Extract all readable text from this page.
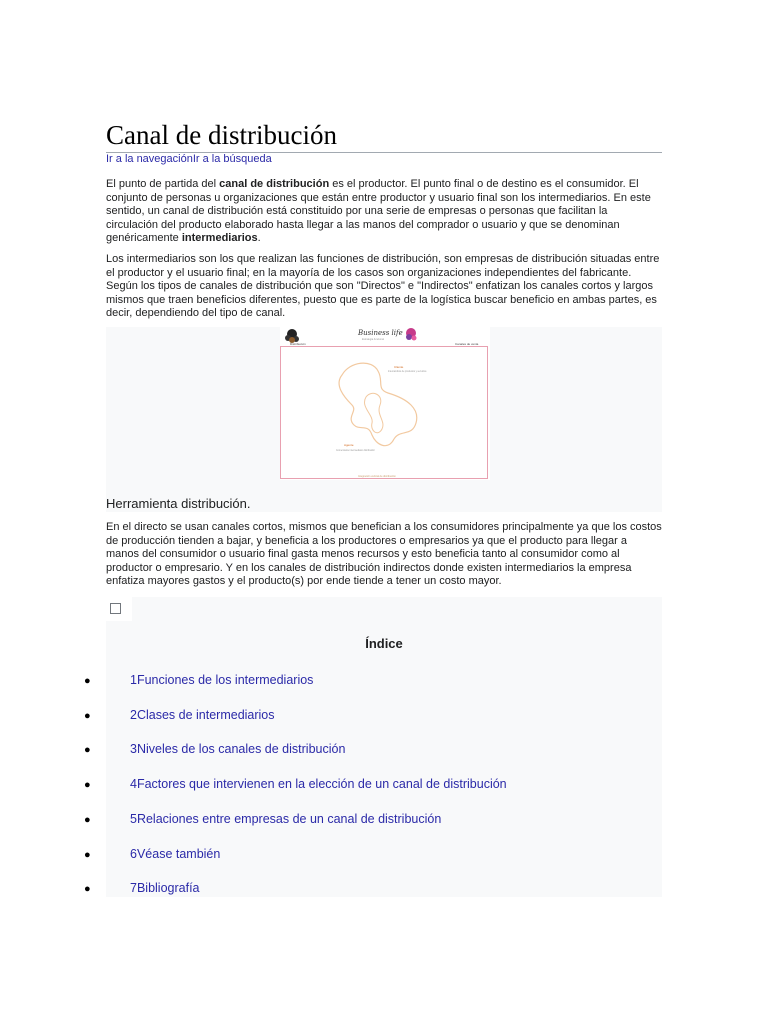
Canal de distribución
Ir a la navegaciónIr a la búsqueda

El punto de partida del canal de distribución es el productor. El punto final o de destino es el consumidor. El conjunto de personas u organizaciones que están entre productor y usuario final son los intermediarios. En este sentido, un canal de distribución está constituido por una serie de empresas o personas que facilitan la circulación del producto elaborado hasta llegar a las manos del comprador o usuario y que se denominan genéricamente intermediarios.

Los intermediarios son los que realizan las funciones de distribución, son empresas de distribución situadas entre el productor y el usuario final; en la mayoría de los casos son organizaciones independientes del fabricante. Según los tipos de canales de distribución que son "Directos" e "Indirectos" enfatizan los canales cortos y largos mismos que traen beneficios diferentes, puesto que es parte de la logística buscar beneficio en ambas partes, es decir, dependiendo del tipo de canal.

Business life
Estrategia funcional
Distribución	Canales de venta
Cliente
Intercambios de productos y servicios
Agente
Comerciante intermediario distribuidor
Integración vertical de distribución
Herramienta distribución.

En el directo se usan canales cortos, mismos que benefician a los consumidores principalmente ya que los costos de producción tienden a bajar, y beneficia a los productores o empresarios ya que el producto para llegar a manos del consumidor o usuario final gasta menos recursos y esto beneficia tanto al consumidor como al productor o empresario. Y en los canales de distribución indirectos donde existen intermediarios la empresa enfatiza mayores gastos y el producto(s) por ende tiende a tener un costo mayor.

Índice
●	1Funciones de los intermediarios
●	2Clases de intermediarios
●	3Niveles de los canales de distribución
●	4Factores que intervienen en la elección de un canal de distribución
●	5Relaciones entre empresas de un canal de distribución
●	6Véase también
●	7Bibliografía
